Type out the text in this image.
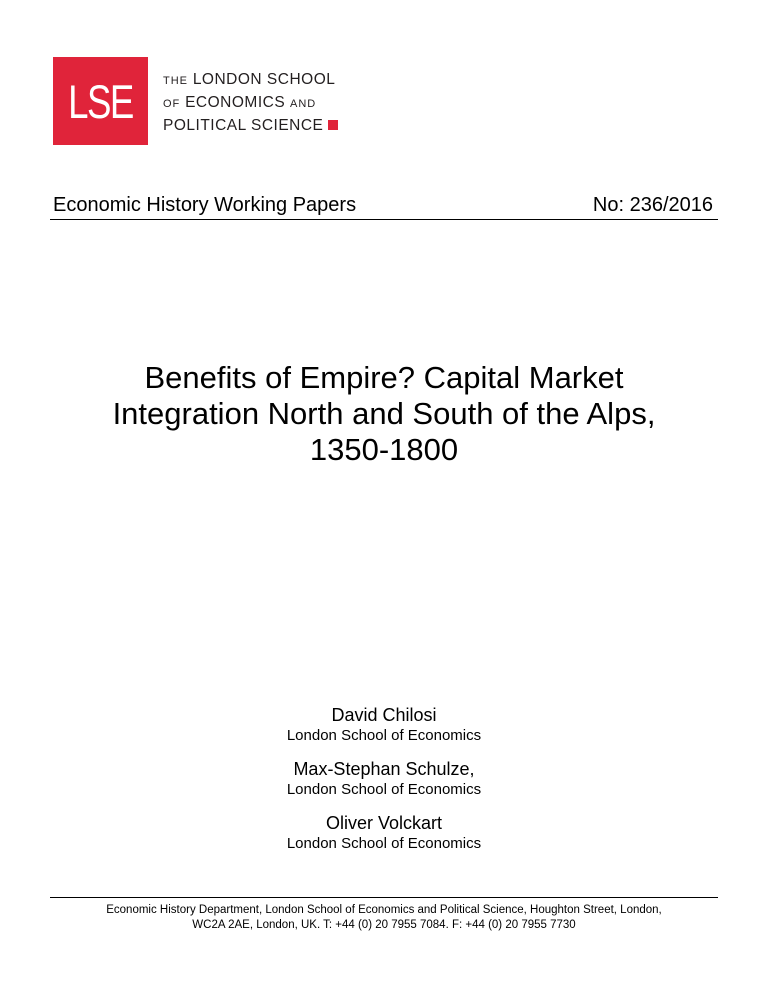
LSE	THE LONDON SCHOOL
OF ECONOMICS AND
POLITICAL SCIENCE
Economic History Working Papers	No: 236/2016
Benefits of Empire? Capital Market
Integration North and South of the Alps,
1350-1800
David Chilosi
London School of Economics
Max-Stephan Schulze,
London School of Economics
Oliver Volckart
London School of Economics
Economic History Department, London School of Economics and Political Science, Houghton Street, London,
WC2A 2AE, London, UK. T: +44 (0) 20 7955 7084. F: +44 (0) 20 7955 7730
